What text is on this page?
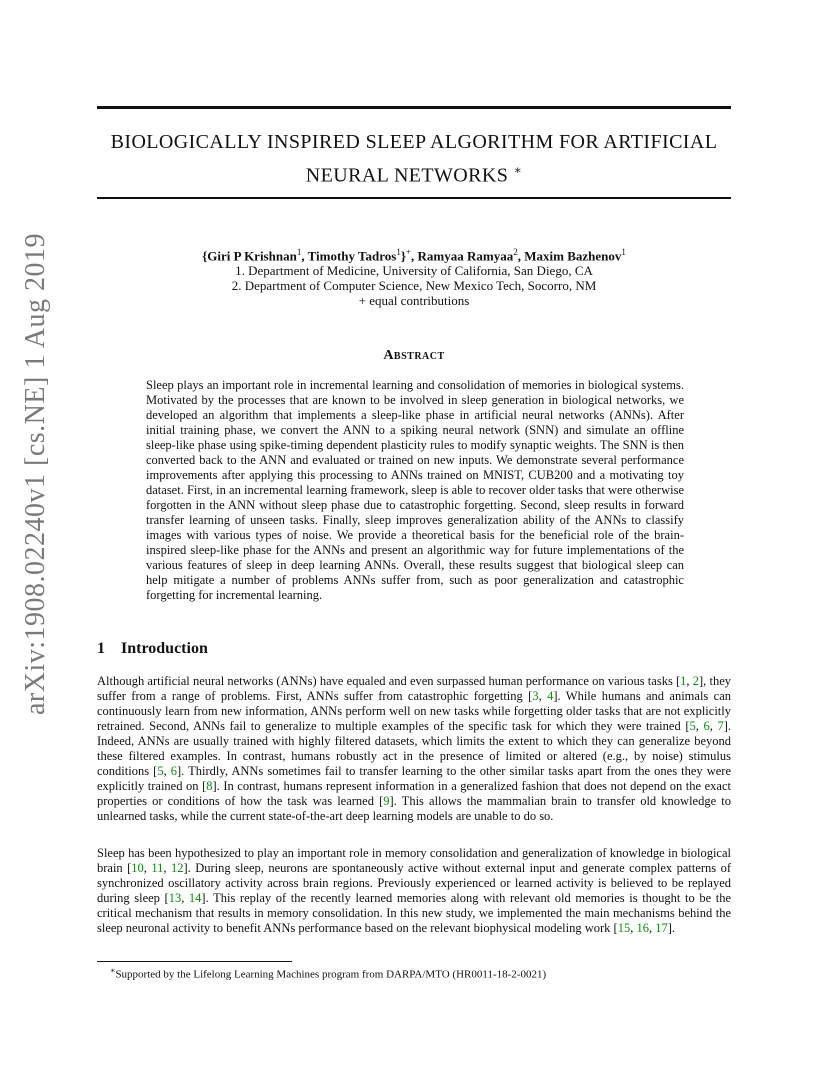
arXiv:1908.02240v1 [cs.NE] 1 Aug 2019
BIOLOGICALLY INSPIRED SLEEP ALGORITHM FOR ARTIFICIAL
NEURAL NETWORKS ∗
{Giri P Krishnan$^1$, Timothy Tadros$^1$}+, Ramyaa Ramyaa$^2$, Maxim Bazhenov$^1$
1. Department of Medicine, University of California, San Diego, CA
2. Department of Computer Science, New Mexico Tech, Socorro, NM
+ equal contributions
Abstract
Sleep plays an important role in incremental learning and consolidation of memories in biological systems. Motivated by the processes that are known to be involved in sleep generation in biological networks, we developed an algorithm that implements a sleep-like phase in artificial neural networks (ANNs). After initial training phase, we convert the ANN to a spiking neural network (SNN) and simulate an offline sleep-like phase using spike-timing dependent plasticity rules to modify synaptic weights. The SNN is then converted back to the ANN and evaluated or trained on new inputs. We demonstrate several performance improvements after applying this processing to ANNs trained on MNIST, CUB200 and a motivating toy dataset. First, in an incremental learning framework, sleep is able to recover older tasks that were otherwise forgotten in the ANN without sleep phase due to catastrophic forgetting. Second, sleep results in forward transfer learning of unseen tasks. Finally, sleep improves generalization ability of the ANNs to classify images with various types of noise. We provide a theoretical basis for the beneficial role of the brain-inspired sleep-like phase for the ANNs and present an algorithmic way for future implementations of the various features of sleep in deep learning ANNs. Overall, these results suggest that biological sleep can help mitigate a number of problems ANNs suffer from, such as poor generalization and catastrophic forgetting for incremental learning.
1 Introduction
Although artificial neural networks (ANNs) have equaled and even surpassed human performance on various tasks [1, 2], they suffer from a range of problems. First, ANNs suffer from catastrophic forgetting [3, 4]. While humans and animals can continuously learn from new information, ANNs perform well on new tasks while forgetting older tasks that are not explicitly retrained. Second, ANNs fail to generalize to multiple examples of the specific task for which they were trained [5, 6, 7]. Indeed, ANNs are usually trained with highly filtered datasets, which limits the extent to which they can generalize beyond these filtered examples. In contrast, humans robustly act in the presence of limited or altered (e.g., by noise) stimulus conditions [5, 6]. Thirdly, ANNs sometimes fail to transfer learning to the other similar tasks apart from the ones they were explicitly trained on [8]. In contrast, humans represent information in a generalized fashion that does not depend on the exact properties or conditions of how the task was learned [9]. This allows the mammalian brain to transfer old knowledge to unlearned tasks, while the current state-of-the-art deep learning models are unable to do so.
Sleep has been hypothesized to play an important role in memory consolidation and generalization of knowledge in biological brain [10, 11, 12]. During sleep, neurons are spontaneously active without external input and generate complex patterns of synchronized oscillatory activity across brain regions. Previously experienced or learned activity is believed to be replayed during sleep [13, 14]. This replay of the recently learned memories along with relevant old memories is thought to be the critical mechanism that results in memory consolidation. In this new study, we implemented the main mechanisms behind the sleep neuronal activity to benefit ANNs performance based on the relevant biophysical modeling work [15, 16, 17].
∗Supported by the Lifelong Learning Machines program from DARPA/MTO (HR0011-18-2-0021)
